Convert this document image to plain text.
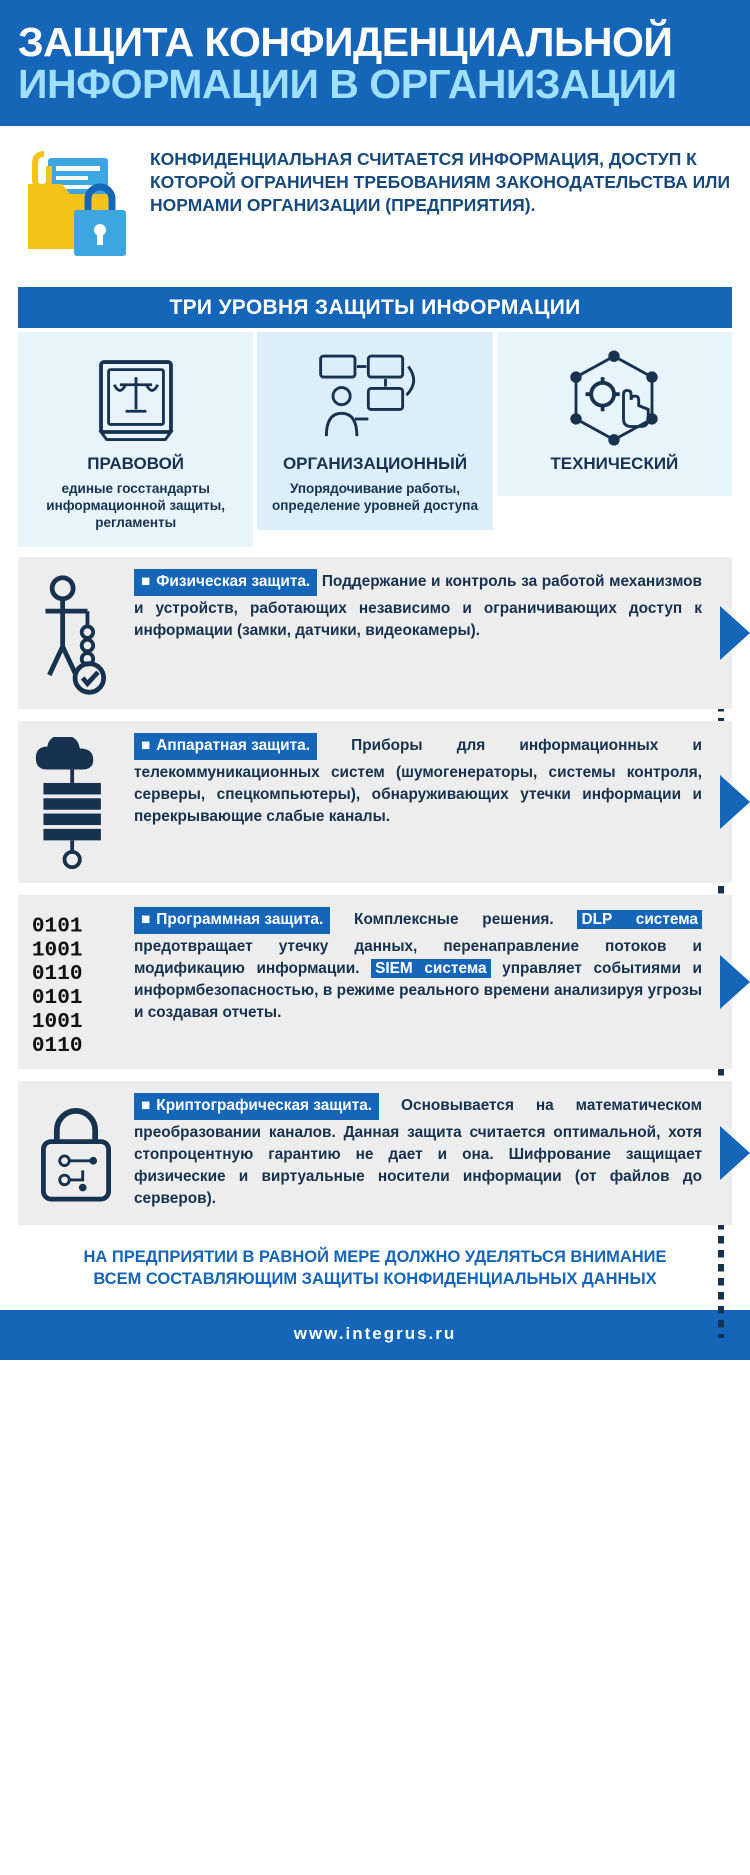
ЗАЩИТА КОНФИДЕНЦИАЛЬНОЙ
ИНФОРМАЦИИ В ОРГАНИЗАЦИИ
КОНФИДЕНЦИАЛЬНАЯ СЧИТАЕТСЯ ИНФОРМАЦИЯ, ДОСТУП К КОТОРОЙ ОГРАНИЧЕН ТРЕБОВАНИЯМ ЗАКОНОДАТЕЛЬСТВА ИЛИ НОРМАМИ ОРГАНИЗАЦИИ (ПРЕДПРИЯТИЯ).
ТРИ УРОВНЯ ЗАЩИТЫ ИНФОРМАЦИИ
ПРАВОВОЙ

единые госстандарты информационной защиты, регламенты

ОРГАНИЗАЦИОННЫЙ

Упорядочивание работы, определение уровней доступа

ТЕХНИЧЕСКИЙ

■ Физическая защита. Поддержание и контроль за работой механизмов и устройств, работающих независимо и ограничивающих доступ к информации (замки, датчики, видеокамеры).
■ Аппаратная защита.	Приборы для информационных и телекоммуникационных систем (шумогенераторы, системы контроля, серверы, спецкомпьютеры), обнаруживающих утечки информации и перекрывающие слабые каналы.
0101
1001
0110
0101
1001
0110
■ Программная защита. Комплексные решения. DLP система предотвращает утечку данных, перенаправление потоков и модификацию информации. SIEM система управляет событиями и информбезопасностью, в режиме реального времени анализируя угрозы и создавая отчеты.
■ Криптографическая защита. Основывается на математическом преобразовании каналов. Данная защита считается оптимальной, хотя стопроцентную гарантию не дает и она. Шифрование защищает физические и виртуальные носители информации (от файлов до серверов).
НА ПРЕДПРИЯТИИ В РАВНОЙ МЕРЕ ДОЛЖНО УДЕЛЯТЬСЯ ВНИМАНИЕ
ВСЕМ СОСТАВЛЯЮЩИМ ЗАЩИТЫ КОНФИДЕНЦИАЛЬНЫХ ДАННЫХ
www.integrus.ru
